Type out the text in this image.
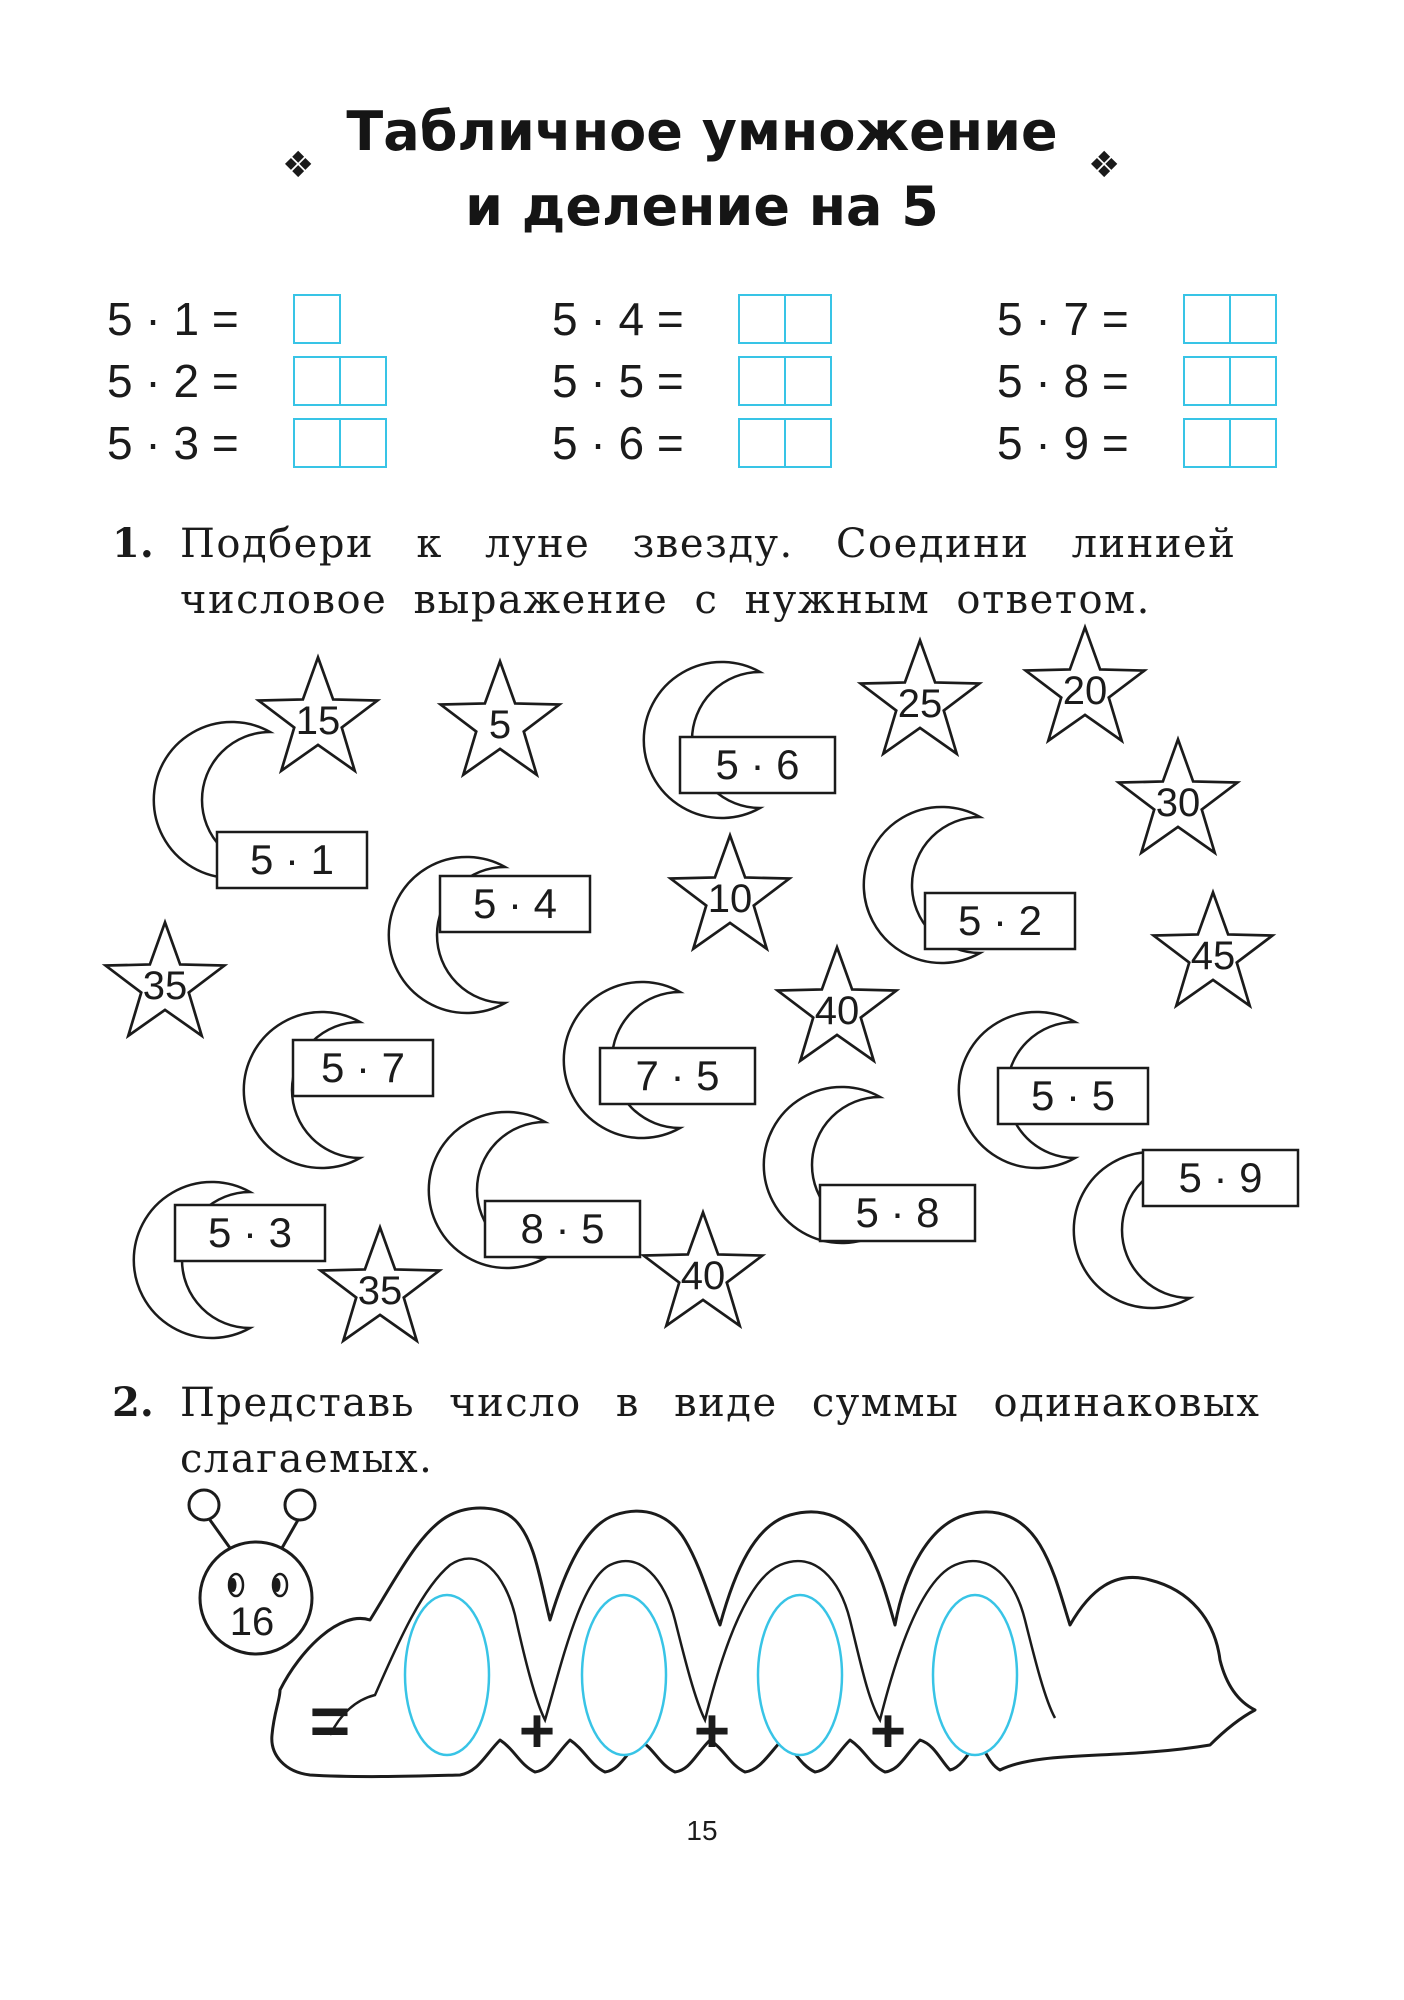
❖	❖
Табличное умножение
и деление на 5
5 · 1 =
5 · 2 =
5 · 3 =
5 · 4 =
5 · 5 =
5 · 6 =
5 · 7 =
5 · 8 =
5 · 9 =
1. Подбери к луне звезду. Соедини линией
числовое выражение с нужным ответом.
5 · 6
5 · 1
5 · 4	5 · 2
5 · 7	7 · 5	5 · 5
5 · 3	8 · 5	5 · 8
5 · 9
15	5	25	20
30
10
35
45
40
35	40
2. Представь число в виде суммы одинаковых
слагаемых.
16
=	+ + +
15
